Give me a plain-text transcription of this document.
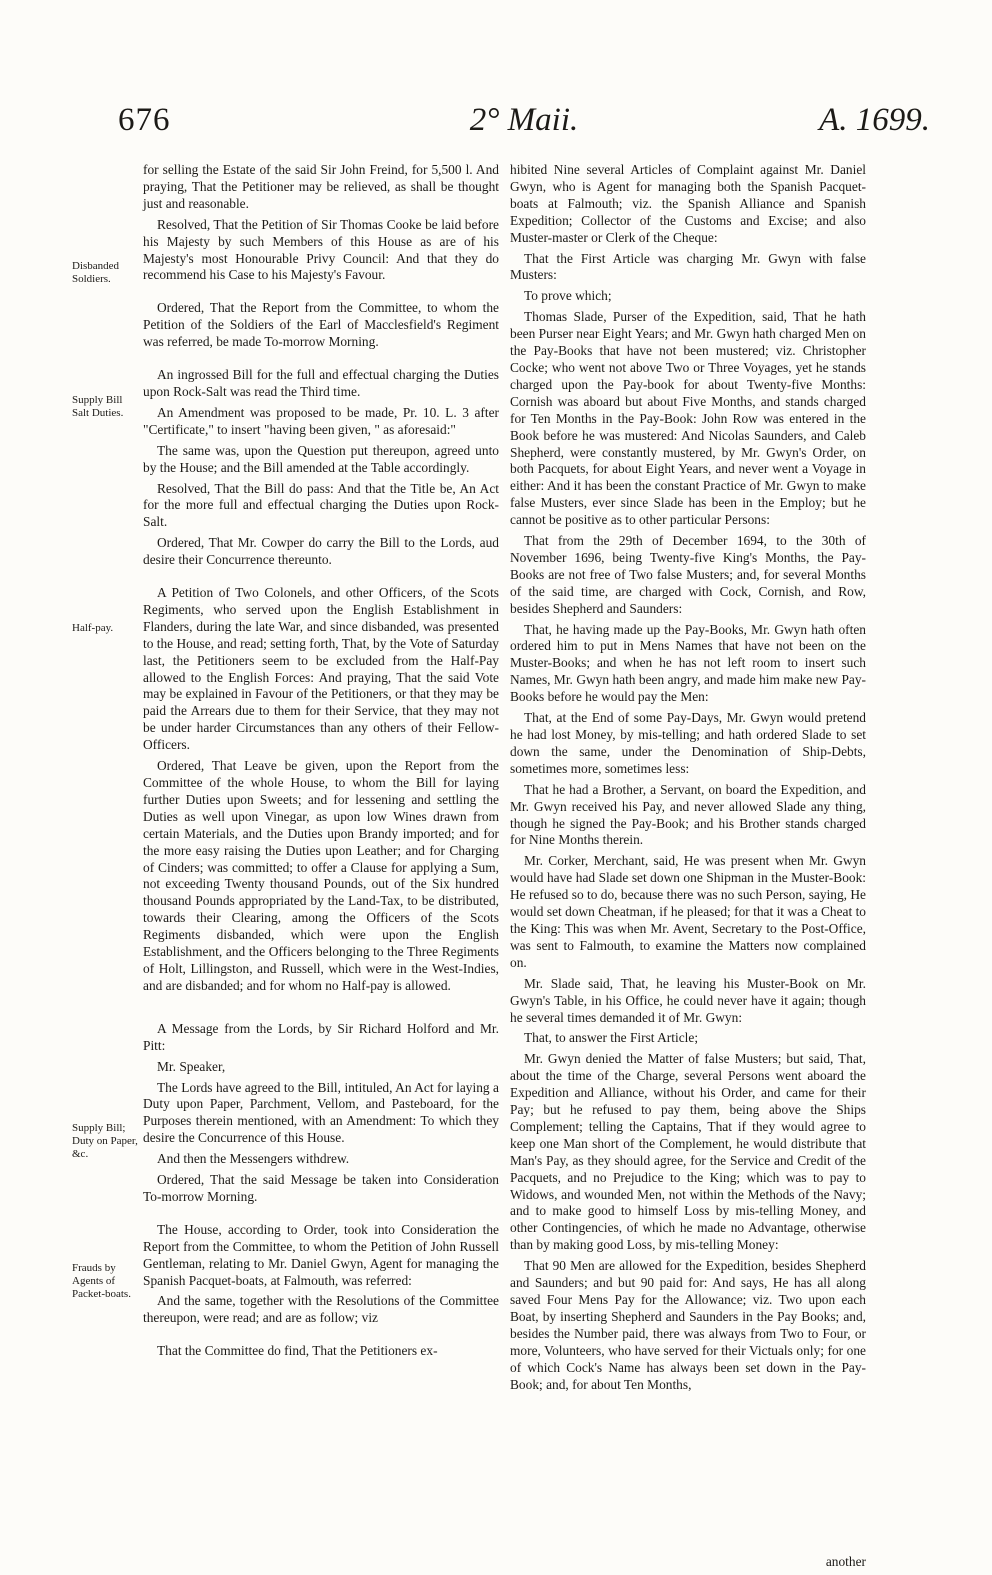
676	2° Maii.	A. 1699.
Disbanded Soldiers.
Supply Bill Salt Duties.
Half-pay.
Supply Bill; Duty on Paper, &c.
Frauds by Agents of Packet-boats.

for selling the Estate of the said Sir John Freind, for 5,500 l. And praying, That the Petitioner may be relieved, as shall be thought just and reasonable.

Resolved, That the Petition of Sir Thomas Cooke be laid before his Majesty by such Members of this House as are of his Majesty's most Honourable Privy Council: And that they do recommend his Case to his Majesty's Favour.

Ordered, That the Report from the Committee, to whom the Petition of the Soldiers of the Earl of Macclesfield's Regiment was referred, be made To-morrow Morning.

An ingrossed Bill for the full and effectual charging the Duties upon Rock-Salt was read the Third time.

An Amendment was proposed to be made, Pr. 10. L. 3 after "Certificate," to insert "having been given, " as aforesaid:"

The same was, upon the Question put thereupon, agreed unto by the House; and the Bill amended at the Table accordingly.

Resolved, That the Bill do pass: And that the Title be, An Act for the more full and effectual charging the Duties upon Rock-Salt.

Ordered, That Mr. Cowper do carry the Bill to the Lords, aud desire their Concurrence thereunto.

A Petition of Two Colonels, and other Officers, of the Scots Regiments, who served upon the English Establishment in Flanders, during the late War, and since disbanded, was presented to the House, and read; setting forth, That, by the Vote of Saturday last, the Petitioners seem to be excluded from the Half-Pay allowed to the English Forces: And praying, That the said Vote may be explained in Favour of the Petitioners, or that they may be paid the Arrears due to them for their Service, that they may not be under harder Circumstances than any others of their Fellow-Officers.

Ordered, That Leave be given, upon the Report from the Committee of the whole House, to whom the Bill for laying further Duties upon Sweets; and for lessening and settling the Duties as well upon Vinegar, as upon low Wines drawn from certain Materials, and the Duties upon Brandy imported; and for the more easy raising the Duties upon Leather; and for Charging of Cinders; was committed; to offer a Clause for applying a Sum, not exceeding Twenty thousand Pounds, out of the Six hundred thousand Pounds appropriated by the Land-Tax, to be distributed, towards their Clearing, among the Officers of the Scots Regiments disbanded, which were upon the English Establishment, and the Officers belonging to the Three Regiments of Holt, Lillingston, and Russell, which were in the West-Indies, and are disbanded; and for whom no Half-pay is allowed.

A Message from the Lords, by Sir Richard Holford and Mr. Pitt:

Mr. Speaker,

The Lords have agreed to the Bill, intituled, An Act for laying a Duty upon Paper, Parchment, Vellom, and Pasteboard, for the Purposes therein mentioned, with an Amendment: To which they desire the Concurrence of this House.

And then the Messengers withdrew.

Ordered, That the said Message be taken into Consideration To-morrow Morning.

The House, according to Order, took into Consideration the Report from the Committee, to whom the Petition of John Russell Gentleman, relating to Mr. Daniel Gwyn, Agent for managing the Spanish Pacquet-boats, at Falmouth, was referred:

And the same, together with the Resolutions of the Committee thereupon, were read; and are as follow; viz

That the Committee do find, That the Petitioners ex-

hibited Nine several Articles of Complaint against Mr. Daniel Gwyn, who is Agent for managing both the Spanish Pacquet-boats at Falmouth; viz. the Spanish Alliance and Spanish Expedition; Collector of the Customs and Excise; and also Muster-master or Clerk of the Cheque:

That the First Article was charging Mr. Gwyn with false Musters:

To prove which;

Thomas Slade, Purser of the Expedition, said, That he hath been Purser near Eight Years; and Mr. Gwyn hath charged Men on the Pay-Books that have not been mustered; viz. Christopher Cocke; who went not above Two or Three Voyages, yet he stands charged upon the Pay-book for about Twenty-five Months: Cornish was aboard but about Five Months, and stands charged for Ten Months in the Pay-Book: John Row was entered in the Book before he was mustered: And Nicolas Saunders, and Caleb Shepherd, were constantly mustered, by Mr. Gwyn's Order, on both Pacquets, for about Eight Years, and never went a Voyage in either: And it has been the constant Practice of Mr. Gwyn to make false Musters, ever since Slade has been in the Employ; but he cannot be positive as to other particular Persons:

That from the 29th of December 1694, to the 30th of November 1696, being Twenty-five King's Months, the Pay-Books are not free of Two false Musters; and, for several Months of the said time, are charged with Cock, Cornish, and Row, besides Shepherd and Saunders:

That, he having made up the Pay-Books, Mr. Gwyn hath often ordered him to put in Mens Names that have not been on the Muster-Books; and when he has not left room to insert such Names, Mr. Gwyn hath been angry, and made him make new Pay-Books before he would pay the Men:

That, at the End of some Pay-Days, Mr. Gwyn would pretend he had lost Money, by mis-telling; and hath ordered Slade to set down the same, under the Denomination of Ship-Debts, sometimes more, sometimes less:

That he had a Brother, a Servant, on board the Expedition, and Mr. Gwyn received his Pay, and never allowed Slade any thing, though he signed the Pay-Book; and his Brother stands charged for Nine Months therein.

Mr. Corker, Merchant, said, He was present when Mr. Gwyn would have had Slade set down one Shipman in the Muster-Book: He refused so to do, because there was no such Person, saying, He would set down Cheatman, if he pleased; for that it was a Cheat to the King: This was when Mr. Avent, Secretary to the Post-Office, was sent to Falmouth, to examine the Matters now complained on.

Mr. Slade said, That, he leaving his Muster-Book on Mr. Gwyn's Table, in his Office, he could never have it again; though he several times demanded it of Mr. Gwyn:

That, to answer the First Article;

Mr. Gwyn denied the Matter of false Musters; but said, That, about the time of the Charge, several Persons went aboard the Expedition and Alliance, without his Order, and came for their Pay; but he refused to pay them, being above the Ships Complement; telling the Captains, That if they would agree to keep one Man short of the Complement, he would distribute that Man's Pay, as they should agree, for the Service and Credit of the Pacquets, and no Prejudice to the King; which was to pay to Widows, and wounded Men, not within the Methods of the Navy; and to make good to himself Loss by mis-telling Money, and other Contingencies, of which he made no Advantage, otherwise than by making good Loss, by mis-telling Money:

That 90 Men are allowed for the Expedition, besides Shepherd and Saunders; and but 90 paid for: And says, He has all along saved Four Mens Pay for the Allowance; viz. Two upon each Boat, by inserting Shepherd and Saunders in the Pay Books; and, besides the Number paid, there was always from Two to Four, or more, Volunteers, who have served for their Victuals only; for one of which Cock's Name has always been set down in the Pay-Book; and, for about Ten Months,

another
